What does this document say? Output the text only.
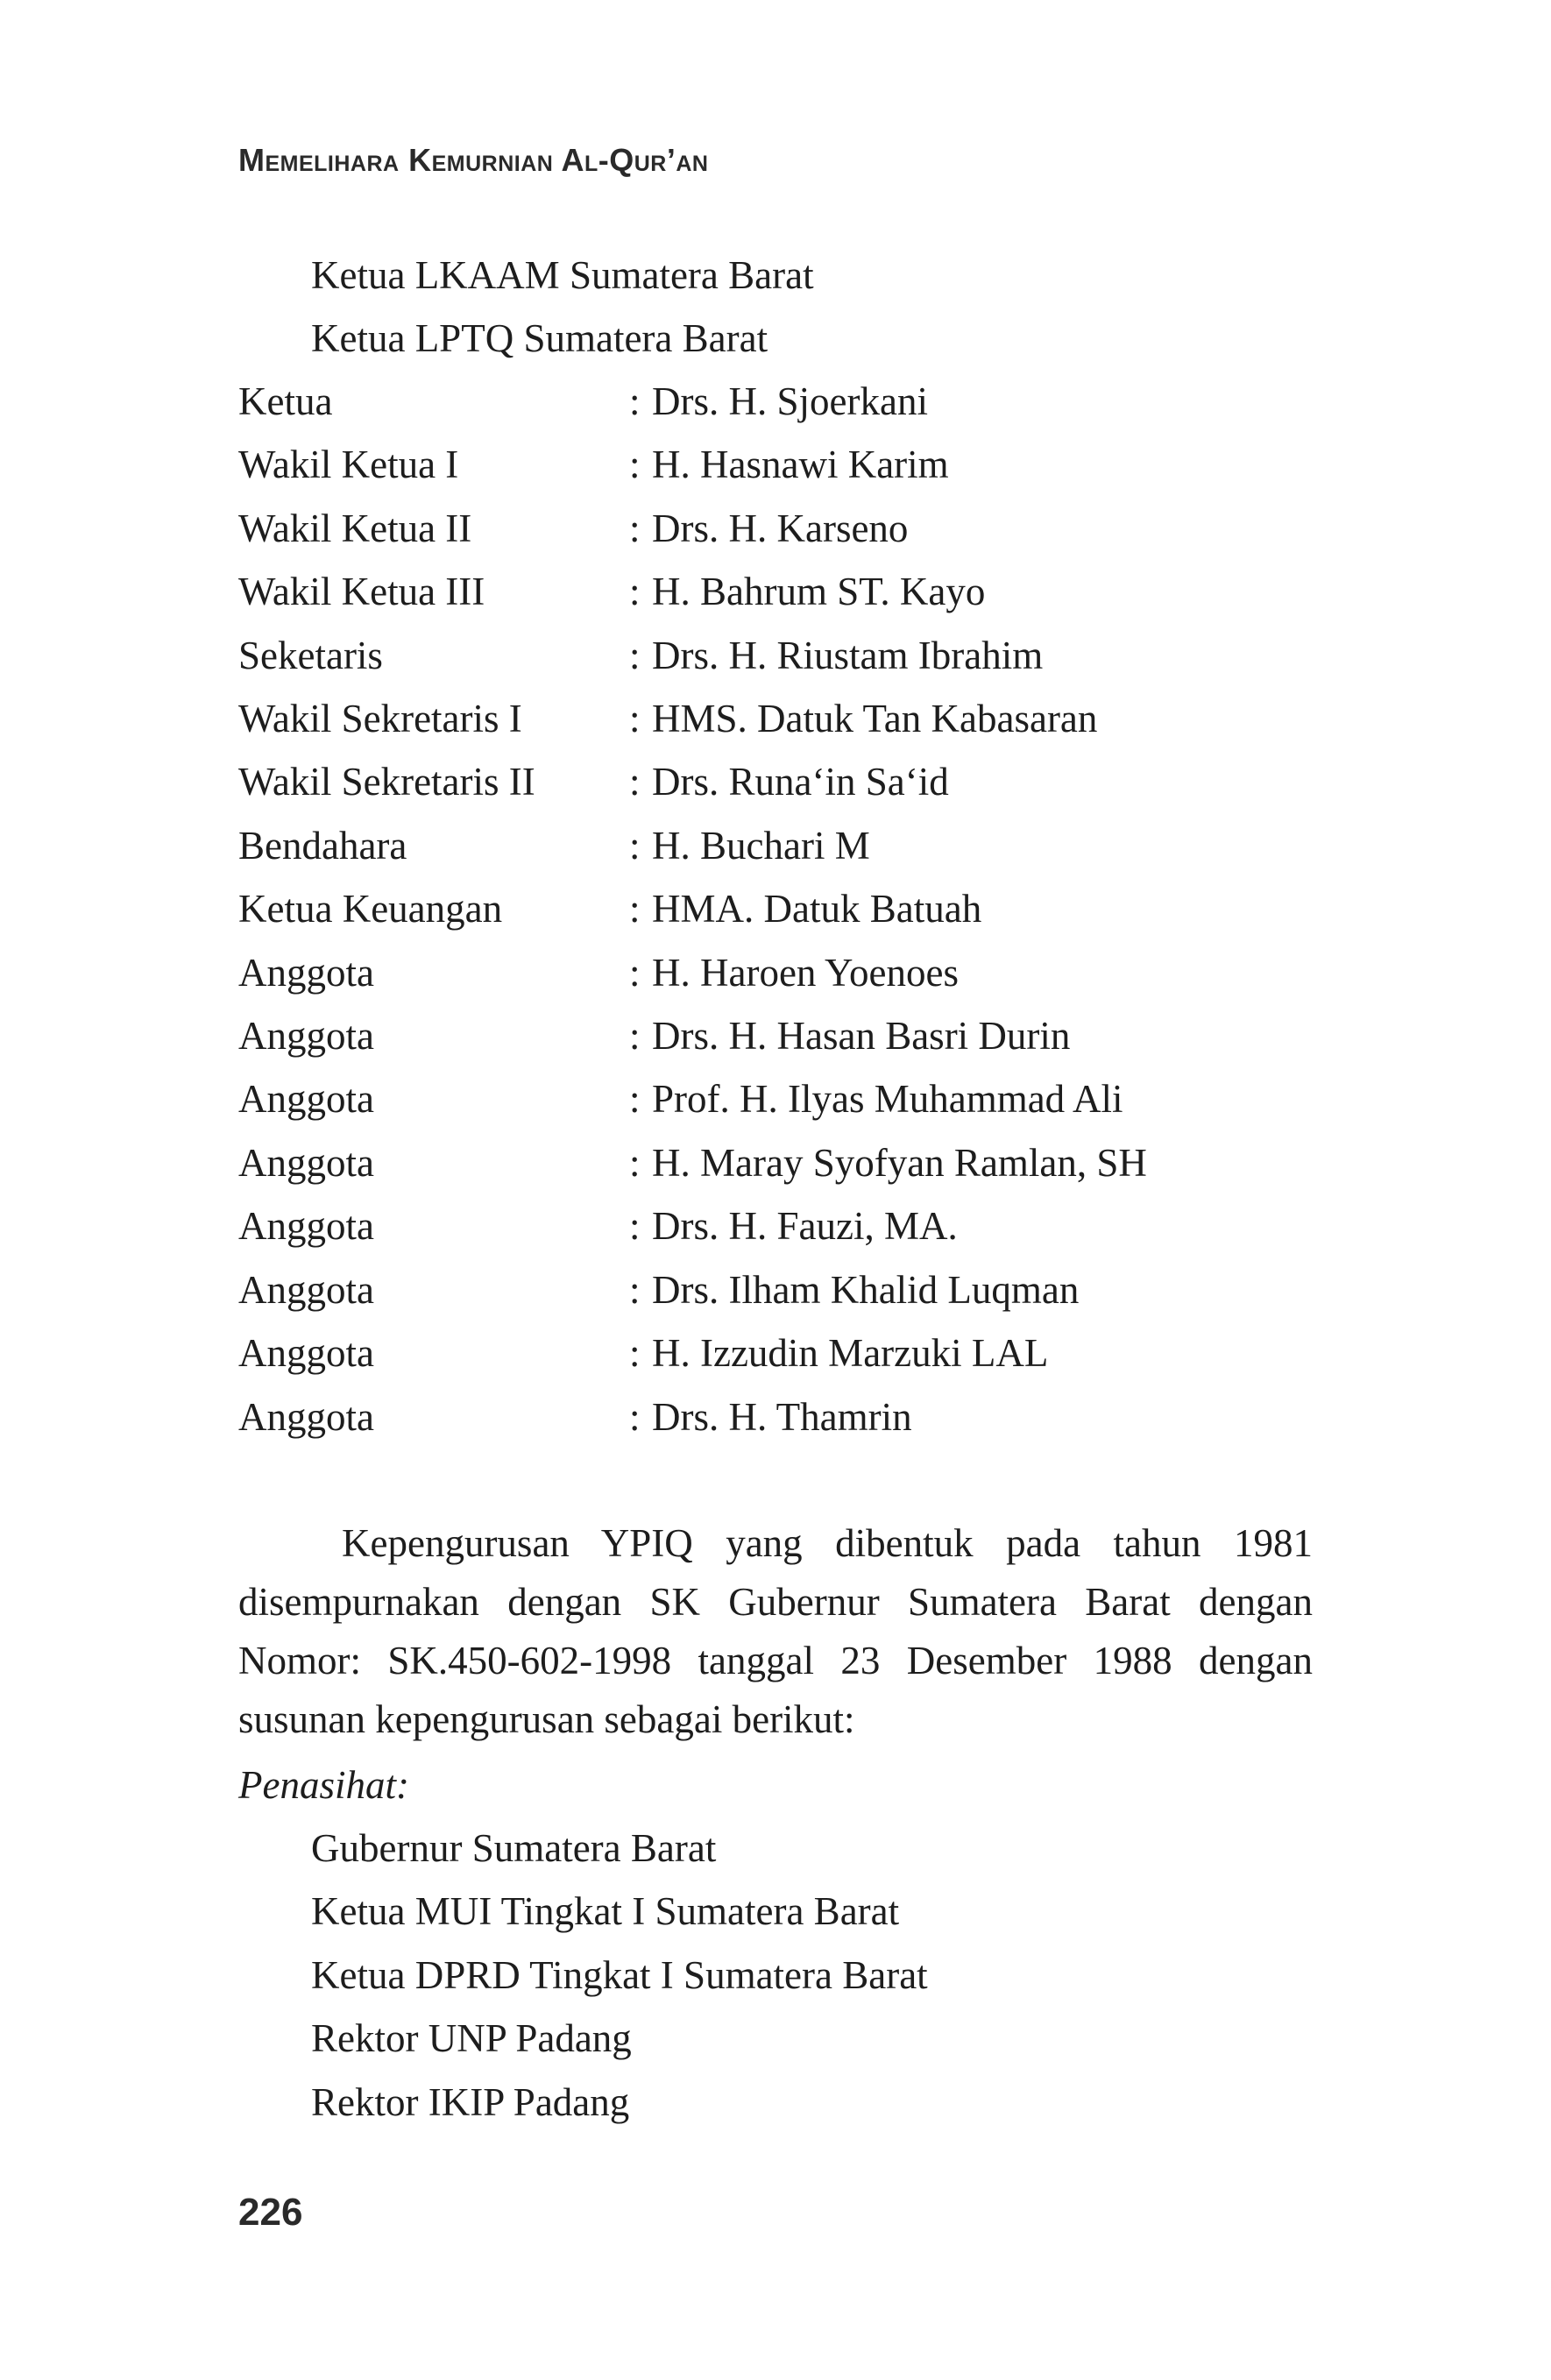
Memelihara Kemurnian Al-Qur’an
Ketua LKAAM Sumatera Barat
Ketua LPTQ Sumatera Barat
Ketua	: Drs. H. Sjoerkani
Wakil Ketua I	: H. Hasnawi Karim
Wakil Ketua II	: Drs. H. Karseno
Wakil Ketua III	: H. Bahrum ST. Kayo
Seketaris	: Drs. H. Riustam Ibrahim
Wakil Sekretaris I	: HMS. Datuk Tan Kabasaran
Wakil Sekretaris II	: Drs. Runa‘in Sa‘id
Bendahara	: H. Buchari M
Ketua Keuangan	: HMA. Datuk Batuah
Anggota	: H. Haroen Yoenoes
Anggota	: Drs. H. Hasan Basri Durin
Anggota	: Prof. H. Ilyas Muhammad Ali
Anggota	: H. Maray Syofyan Ramlan, SH
Anggota	: Drs. H. Fauzi, MA.
Anggota	: Drs. Ilham Khalid Luqman
Anggota	: H. Izzudin Marzuki LAL
Anggota	: Drs. H. Thamrin

Kepengurusan YPIQ yang dibentuk pada tahun 1981 disempurnakan dengan SK Gubernur Sumatera Barat dengan Nomor: SK.450-602-1998 tanggal 23 Desember 1988 dengan susunan kepengurusan sebagai berikut:

Penasihat:
Gubernur Sumatera Barat
Ketua MUI Tingkat I Sumatera Barat
Ketua DPRD Tingkat I Sumatera Barat
Rektor UNP Padang
Rektor IKIP Padang
226
